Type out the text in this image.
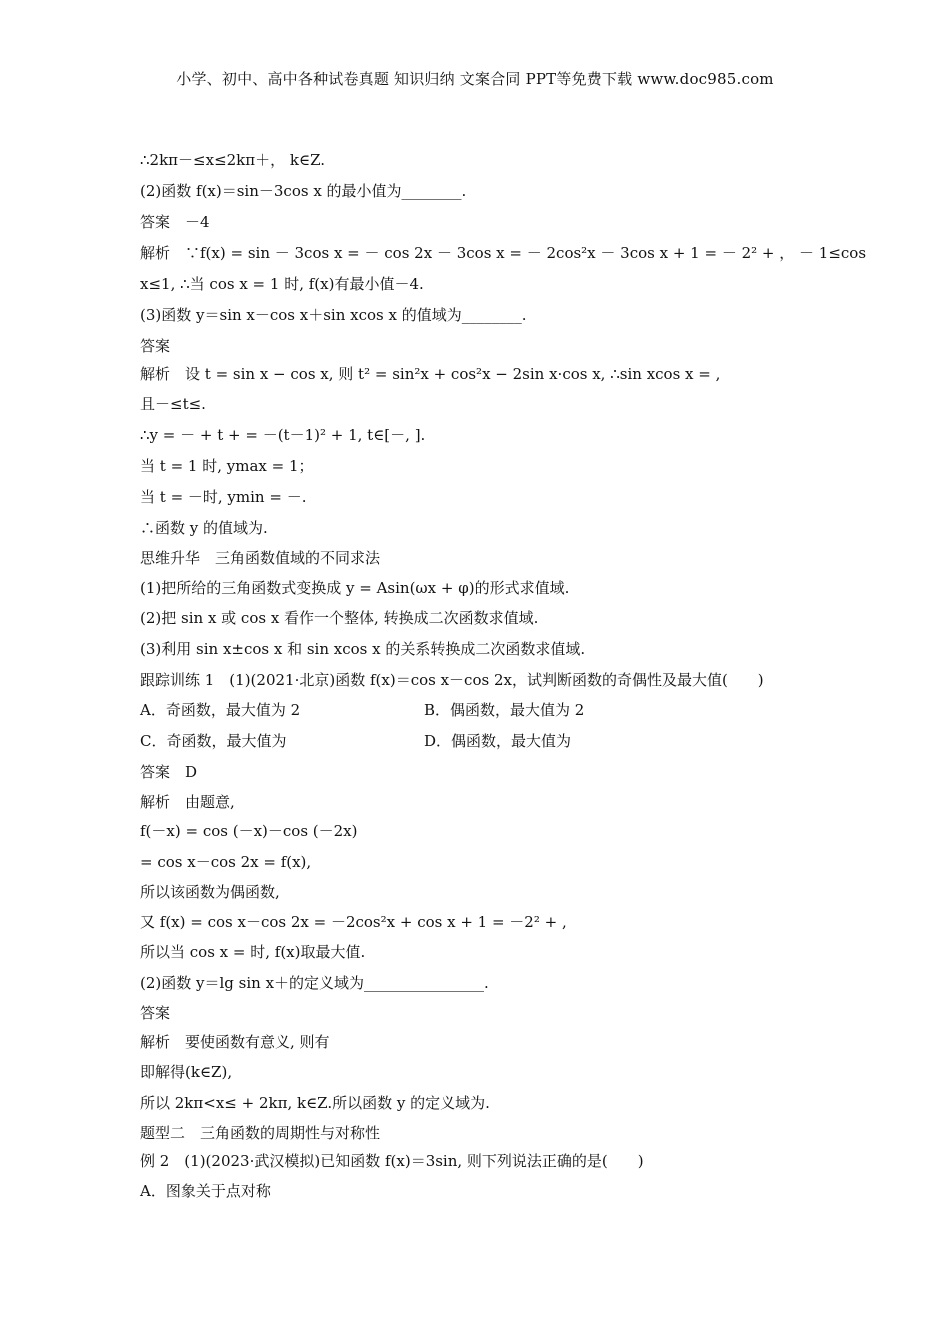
小学、初中、高中各种试卷真题 知识归纳 文案合同 PPT等免费下载 www.doc985.com
∴2kπ－≤x≤2kπ＋， k∈Z.
(2)函数 f(x)＝sin－3cos x 的最小值为________.
答案　－4
解析　∵f(x) = sin － 3cos x = － cos 2x － 3cos x = － 2cos²x － 3cos x + 1 = － 2² + ， － 1≤cos
x≤1, ∴当 cos x = 1 时, f(x)有最小值－4.
(3)函数 y＝sin x－cos x＋sin xcos x 的值域为________.
答案
解析　设 t = sin x − cos x, 则 t² = sin²x + cos²x − 2sin x·cos x, ∴sin xcos x = ,
且－≤t≤.
∴y = － + t + = －(t－1)² + 1, t∈[－, ].
当 t = 1 时, ymax = 1；
当 t = －时, ymin = －.
∴函数 y 的值域为.
思维升华　三角函数值域的不同求法
(1)把所给的三角函数式变换成 y = Asin(ωx + φ)的形式求值域.
(2)把 sin x 或 cos x 看作一个整体, 转换成二次函数求值域.
(3)利用 sin x±cos x 和 sin xcos x 的关系转换成二次函数求值域.
跟踪训练 1　(1)(2021·北京)函数 f(x)＝cos x－cos 2x，试判断函数的奇偶性及最大值(　　)
A．奇函数，最大值为 2	B．偶函数，最大值为 2
C．奇函数，最大值为	D．偶函数，最大值为
答案　D
解析　由题意,
f(－x) = cos (－x)－cos (－2x)
= cos x－cos 2x = f(x),
所以该函数为偶函数,
又 f(x) = cos x－cos 2x = －2cos²x + cos x + 1 = －2² + ,
所以当 cos x = 时, f(x)取最大值.
(2)函数 y＝lg sin x＋的定义域为________________.
答案
解析　要使函数有意义, 则有
即解得(k∈Z),
所以 2kπ<x≤ + 2kπ, k∈Z.所以函数 y 的定义域为.
题型二　三角函数的周期性与对称性
例 2　(1)(2023·武汉模拟)已知函数 f(x)＝3sin, 则下列说法正确的是(　　)
A．图象关于点对称
